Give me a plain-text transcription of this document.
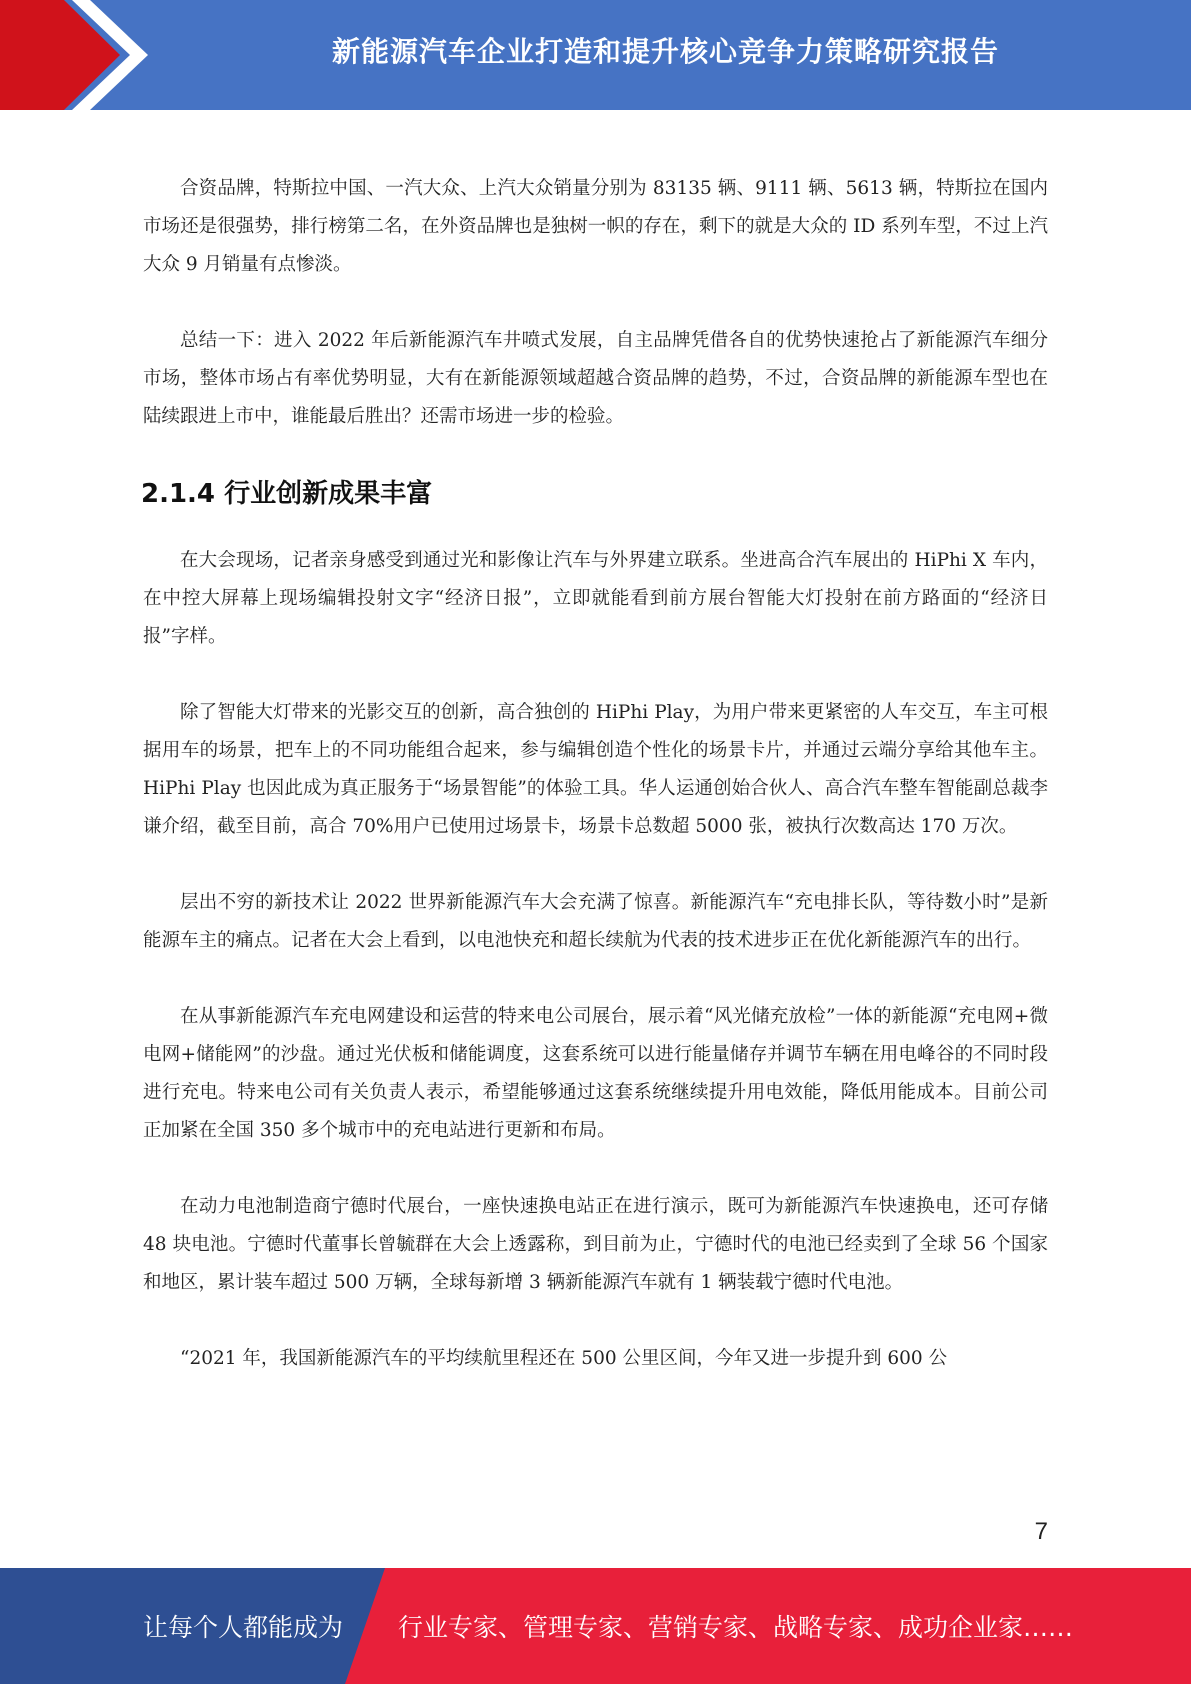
新能源汽车企业打造和提升核心竞争力策略研究报告

合资品牌，特斯拉中国、一汽大众、上汽大众销量分别为 83135 辆、9111 辆、5613 辆，特斯拉在国内市场还是很强势，排行榜第二名，在外资品牌也是独树一帜的存在，剩下的就是大众的 ID 系列车型，不过上汽大众 9 月销量有点惨淡。

总结一下：进入 2022 年后新能源汽车井喷式发展，自主品牌凭借各自的优势快速抢占了新能源汽车细分市场，整体市场占有率优势明显，大有在新能源领域超越合资品牌的趋势，不过，合资品牌的新能源车型也在陆续跟进上市中，谁能最后胜出？还需市场进一步的检验。

2.1.4 行业创新成果丰富

在大会现场，记者亲身感受到通过光和影像让汽车与外界建立联系。坐进高合汽车展出的 HiPhi X 车内，在中控大屏幕上现场编辑投射文字“经济日报”，立即就能看到前方展台智能大灯投射在前方路面的“经济日报”字样。

除了智能大灯带来的光影交互的创新，高合独创的 HiPhi Play，为用户带来更紧密的人车交互，车主可根据用车的场景，把车上的不同功能组合起来，参与编辑创造个性化的场景卡片，并通过云端分享给其他车主。HiPhi Play 也因此成为真正服务于“场景智能”的体验工具。华人运通创始合伙人、高合汽车整车智能副总裁李谦介绍，截至目前，高合 70%用户已使用过场景卡，场景卡总数超 5000 张，被执行次数高达 170 万次。

层出不穷的新技术让 2022 世界新能源汽车大会充满了惊喜。新能源汽车“充电排长队，等待数小时”是新能源车主的痛点。记者在大会上看到，以电池快充和超长续航为代表的技术进步正在优化新能源汽车的出行。

在从事新能源汽车充电网建设和运营的特来电公司展台，展示着“风光储充放检”一体的新能源“充电网+微电网+储能网”的沙盘。通过光伏板和储能调度，这套系统可以进行能量储存并调节车辆在用电峰谷的不同时段进行充电。特来电公司有关负责人表示，希望能够通过这套系统继续提升用电效能，降低用能成本。目前公司正加紧在全国 350 多个城市中的充电站进行更新和布局。

在动力电池制造商宁德时代展台，一座快速换电站正在进行演示，既可为新能源汽车快速换电，还可存储 48 块电池。宁德时代董事长曾毓群在大会上透露称，到目前为止，宁德时代的电池已经卖到了全球 56 个国家和地区，累计装车超过 500 万辆，全球每新增 3 辆新能源汽车就有 1 辆装载宁德时代电池。

“2021 年，我国新能源汽车的平均续航里程还在 500 公里区间，今年又进一步提升到 600 公

7
让每个人都能成为 行业专家、管理专家、营销专家、战略专家、成功企业家……
